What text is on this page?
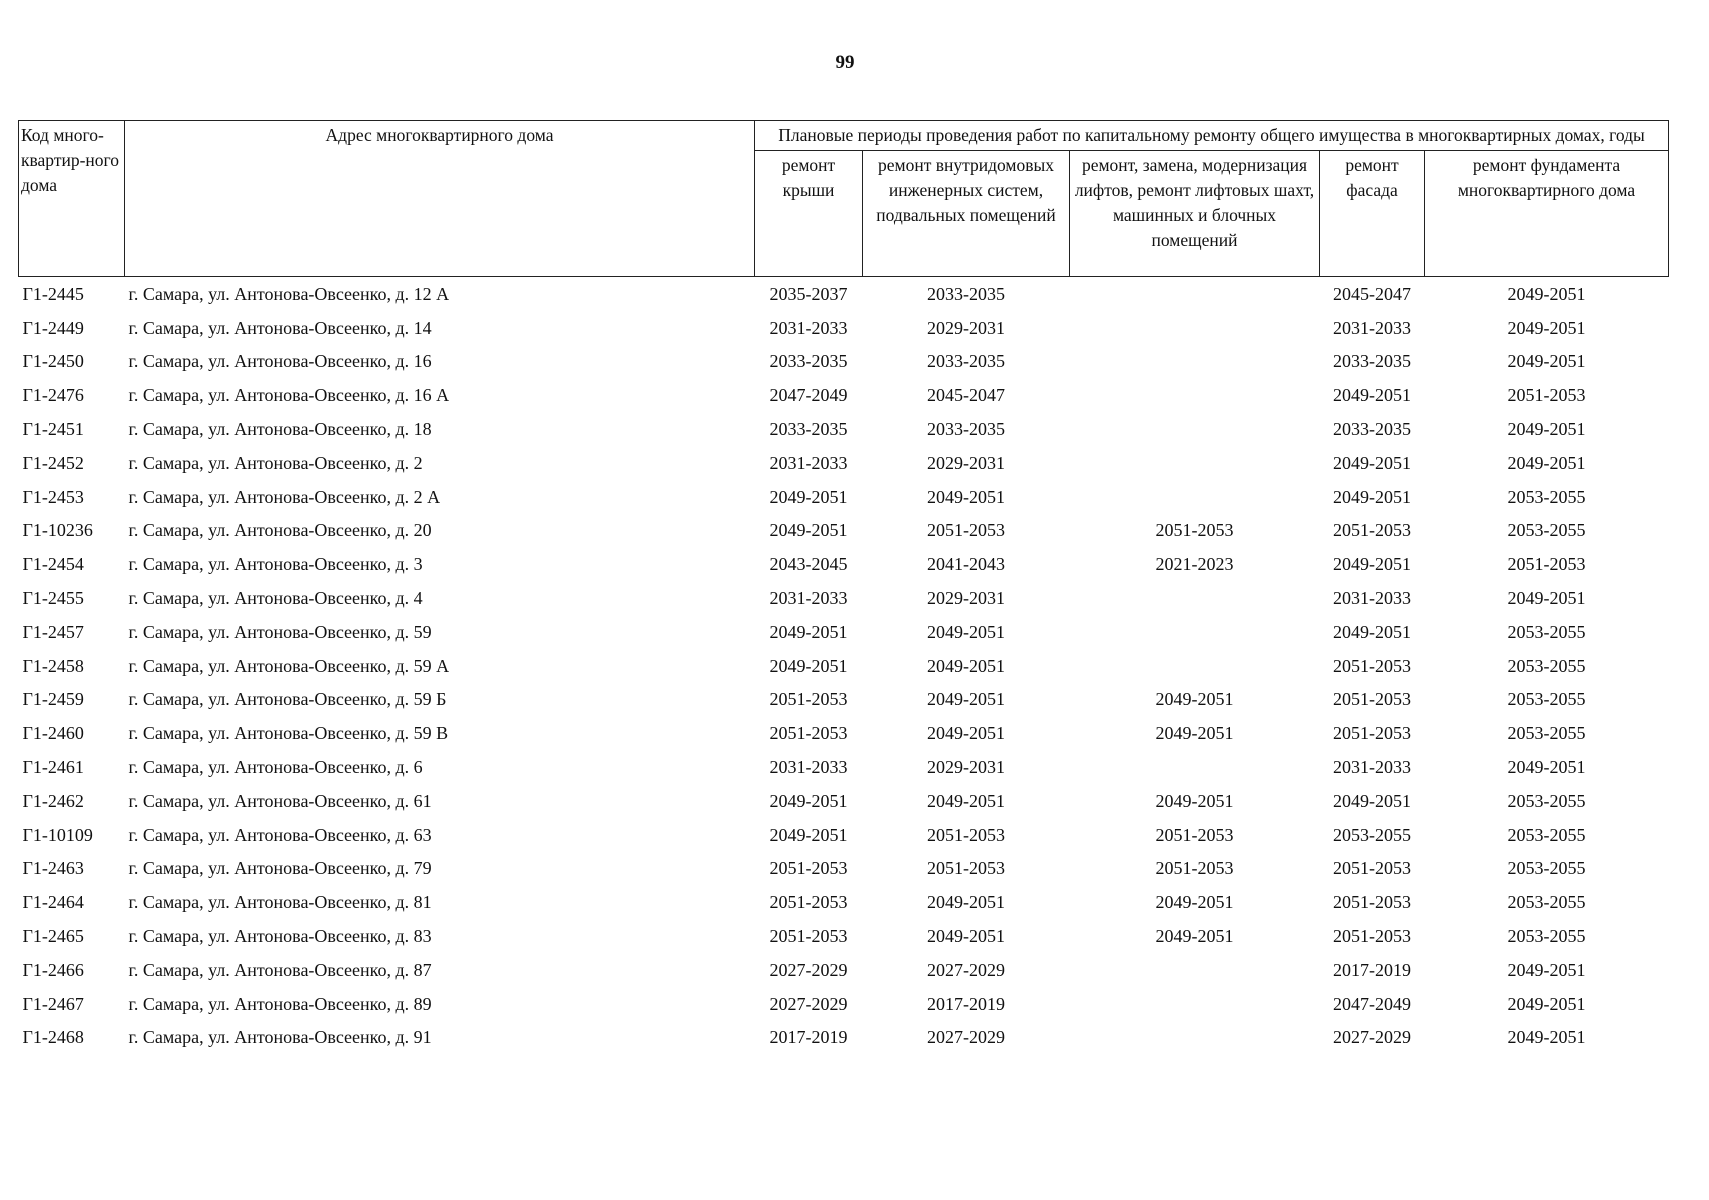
99
Код много-квартир-ного дома	Адрес многоквартирного дома	Плановые периоды проведения работ по капитальному ремонту общего имущества в многоквартирных домах, годы				
		ремонт крыши	ремонт внутридомовых инженерных систем, подвальных помещений	ремонт, замена, модернизация лифтов, ремонт лифтовых шахт, машинных и блочных помещений	ремонт фасада	ремонт фундамента многоквартирного дома
Г1-2445	г. Самара, ул. Антонова-Овсеенко, д. 12 А	2035-2037	2033-2035		2045-2047	2049-2051
Г1-2449	г. Самара, ул. Антонова-Овсеенко, д. 14	2031-2033	2029-2031		2031-2033	2049-2051
Г1-2450	г. Самара, ул. Антонова-Овсеенко, д. 16	2033-2035	2033-2035		2033-2035	2049-2051
Г1-2476	г. Самара, ул. Антонова-Овсеенко, д. 16 А	2047-2049	2045-2047		2049-2051	2051-2053
Г1-2451	г. Самара, ул. Антонова-Овсеенко, д. 18	2033-2035	2033-2035		2033-2035	2049-2051
Г1-2452	г. Самара, ул. Антонова-Овсеенко, д. 2	2031-2033	2029-2031		2049-2051	2049-2051
Г1-2453	г. Самара, ул. Антонова-Овсеенко, д. 2 А	2049-2051	2049-2051		2049-2051	2053-2055
Г1-10236	г. Самара, ул. Антонова-Овсеенко, д. 20	2049-2051	2051-2053	2051-2053	2051-2053	2053-2055
Г1-2454	г. Самара, ул. Антонова-Овсеенко, д. 3	2043-2045	2041-2043	2021-2023	2049-2051	2051-2053
Г1-2455	г. Самара, ул. Антонова-Овсеенко, д. 4	2031-2033	2029-2031		2031-2033	2049-2051
Г1-2457	г. Самара, ул. Антонова-Овсеенко, д. 59	2049-2051	2049-2051		2049-2051	2053-2055
Г1-2458	г. Самара, ул. Антонова-Овсеенко, д. 59 А	2049-2051	2049-2051		2051-2053	2053-2055
Г1-2459	г. Самара, ул. Антонова-Овсеенко, д. 59 Б	2051-2053	2049-2051	2049-2051	2051-2053	2053-2055
Г1-2460	г. Самара, ул. Антонова-Овсеенко, д. 59 В	2051-2053	2049-2051	2049-2051	2051-2053	2053-2055
Г1-2461	г. Самара, ул. Антонова-Овсеенко, д. 6	2031-2033	2029-2031		2031-2033	2049-2051
Г1-2462	г. Самара, ул. Антонова-Овсеенко, д. 61	2049-2051	2049-2051	2049-2051	2049-2051	2053-2055
Г1-10109	г. Самара, ул. Антонова-Овсеенко, д. 63	2049-2051	2051-2053	2051-2053	2053-2055	2053-2055
Г1-2463	г. Самара, ул. Антонова-Овсеенко, д. 79	2051-2053	2051-2053	2051-2053	2051-2053	2053-2055
Г1-2464	г. Самара, ул. Антонова-Овсеенко, д. 81	2051-2053	2049-2051	2049-2051	2051-2053	2053-2055
Г1-2465	г. Самара, ул. Антонова-Овсеенко, д. 83	2051-2053	2049-2051	2049-2051	2051-2053	2053-2055
Г1-2466	г. Самара, ул. Антонова-Овсеенко, д. 87	2027-2029	2027-2029		2017-2019	2049-2051
Г1-2467	г. Самара, ул. Антонова-Овсеенко, д. 89	2027-2029	2017-2019		2047-2049	2049-2051
Г1-2468	г. Самара, ул. Антонова-Овсеенко, д. 91	2017-2019	2027-2029		2027-2029	2049-2051
